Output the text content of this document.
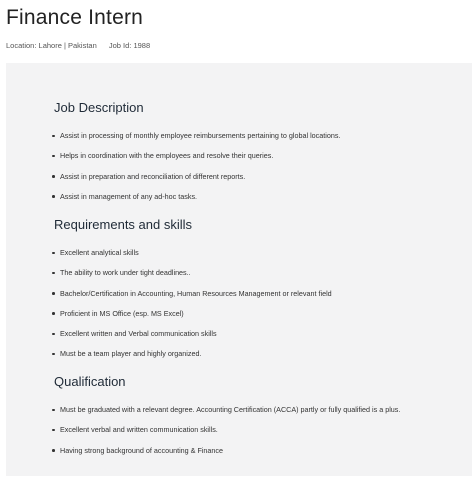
Finance Intern
Location: Lahore | Pakistan Job Id: 1988
Job Description
Assist in processing of monthly employee reimbursements pertaining to global locations.
Helps in coordination with the employees and resolve their queries.
Assist in preparation and reconciliation of different reports.
Assist in management of any ad-hoc tasks.
Requirements and skills
Excellent analytical skills
The ability to work under tight deadlines..
Bachelor/Certification in Accounting, Human Resources Management or relevant field
Proficient in MS Office (esp. MS Excel)
Excellent written and Verbal communication skills
Must be a team player and highly organized.
Qualification
Must be graduated with a relevant degree. Accounting Certification (ACCA) partly or fully qualified is a plus.
Excellent verbal and written communication skills.
Having strong background of accounting & Finance
